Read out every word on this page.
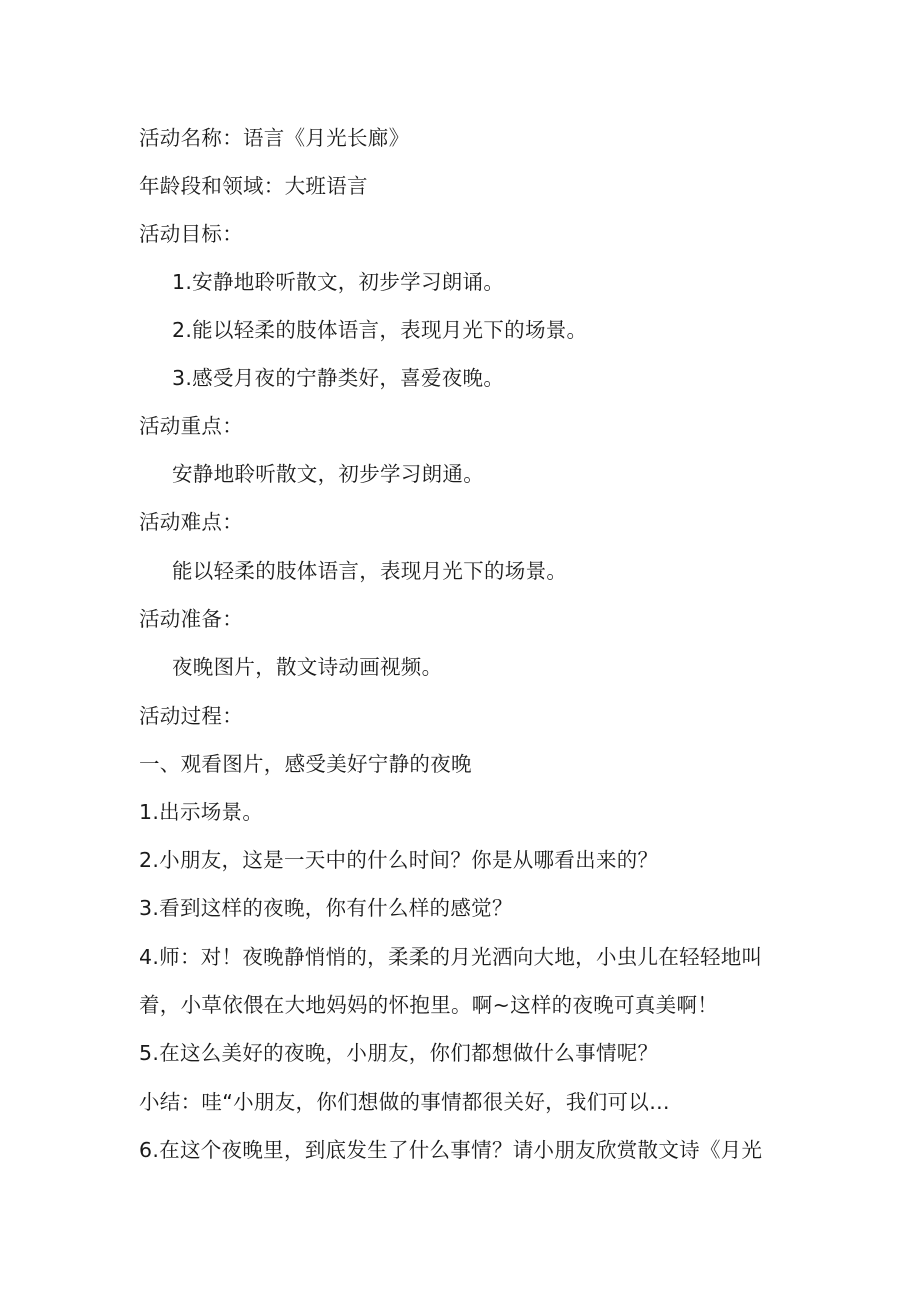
活动名称：语言《月光长廊》
年龄段和领域：大班语言
活动目标：
1.安静地聆听散文，初步学习朗诵。
2.能以轻柔的肢体语言，表现月光下的场景。
3.感受月夜的宁静类好，喜爱夜晚。
活动重点：
安静地聆听散文，初步学习朗通。
活动难点：
能以轻柔的肢体语言，表现月光下的场景。
活动准备：
夜晚图片，散文诗动画视频。
活动过程：
一、观看图片，感受美好宁静的夜晚
1.出示场景。
2.小朋友，这是一天中的什么时间？你是从哪看出来的？
3.看到这样的夜晚，你有什么样的感觉？
4.师：对！夜晚静悄悄的，柔柔的月光洒向大地，小虫儿在轻轻地叫
着，小草依偎在大地妈妈的怀抱里。啊~这样的夜晚可真美啊！
5.在这么美好的夜晚，小朋友，你们都想做什么事情呢？
小结：哇“小朋友，你们想做的事情都很关好，我们可以…
6.在这个夜晚里，到底发生了什么事情？请小朋友欣赏散文诗《月光
